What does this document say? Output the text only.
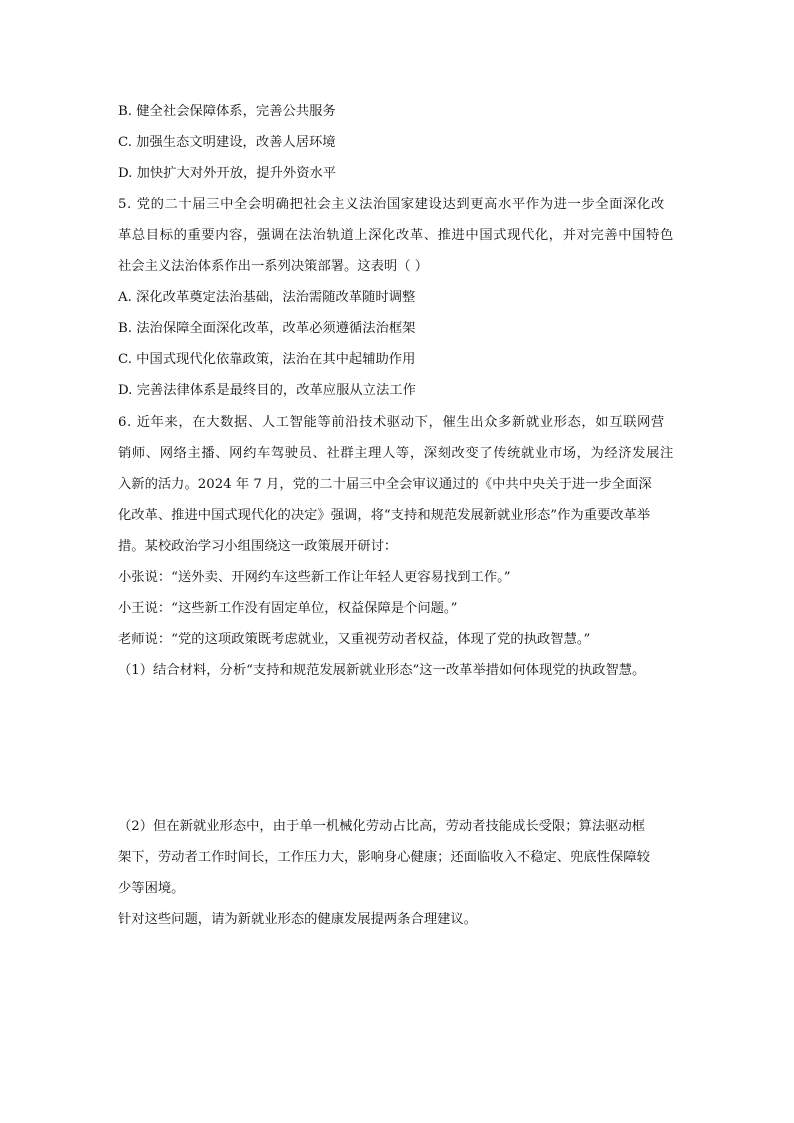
B. 健全社会保障体系，完善公共服务
C. 加强生态文明建设，改善人居环境
D. 加快扩大对外开放，提升外资水平
5. 党的二十届三中全会明确把社会主义法治国家建设达到更高水平作为进一步全面深化改
革总目标的重要内容，强调在法治轨道上深化改革、推进中国式现代化，并对完善中国特色
社会主义法治体系作出一系列决策部署。这表明（ ）
A. 深化改革奠定法治基础，法治需随改革随时调整
B. 法治保障全面深化改革，改革必须遵循法治框架
C. 中国式现代化依靠政策，法治在其中起辅助作用
D. 完善法律体系是最终目的，改革应服从立法工作
6. 近年来，在大数据、人工智能等前沿技术驱动下，催生出众多新就业形态，如互联网营
销师、网络主播、网约车驾驶员、社群主理人等，深刻改变了传统就业市场，为经济发展注
入新的活力。2024 年 7 月，党的二十届三中全会审议通过的《中共中央关于进一步全面深
化改革、推进中国式现代化的决定》强调，将“支持和规范发展新就业形态”作为重要改革举
措。某校政治学习小组围绕这一政策展开研讨：
小张说：“送外卖、开网约车这些新工作让年轻人更容易找到工作。”
小王说：“这些新工作没有固定单位，权益保障是个问题。”
老师说：“党的这项政策既考虑就业，又重视劳动者权益，体现了党的执政智慧。”
（1）结合材料，分析“支持和规范发展新就业形态”这一改革举措如何体现党的执政智慧。
（2）但在新就业形态中，由于单一机械化劳动占比高，劳动者技能成长受限；算法驱动框
架下，劳动者工作时间长，工作压力大，影响身心健康；还面临收入不稳定、兜底性保障较
少等困境。
针对这些问题，请为新就业形态的健康发展提两条合理建议。
